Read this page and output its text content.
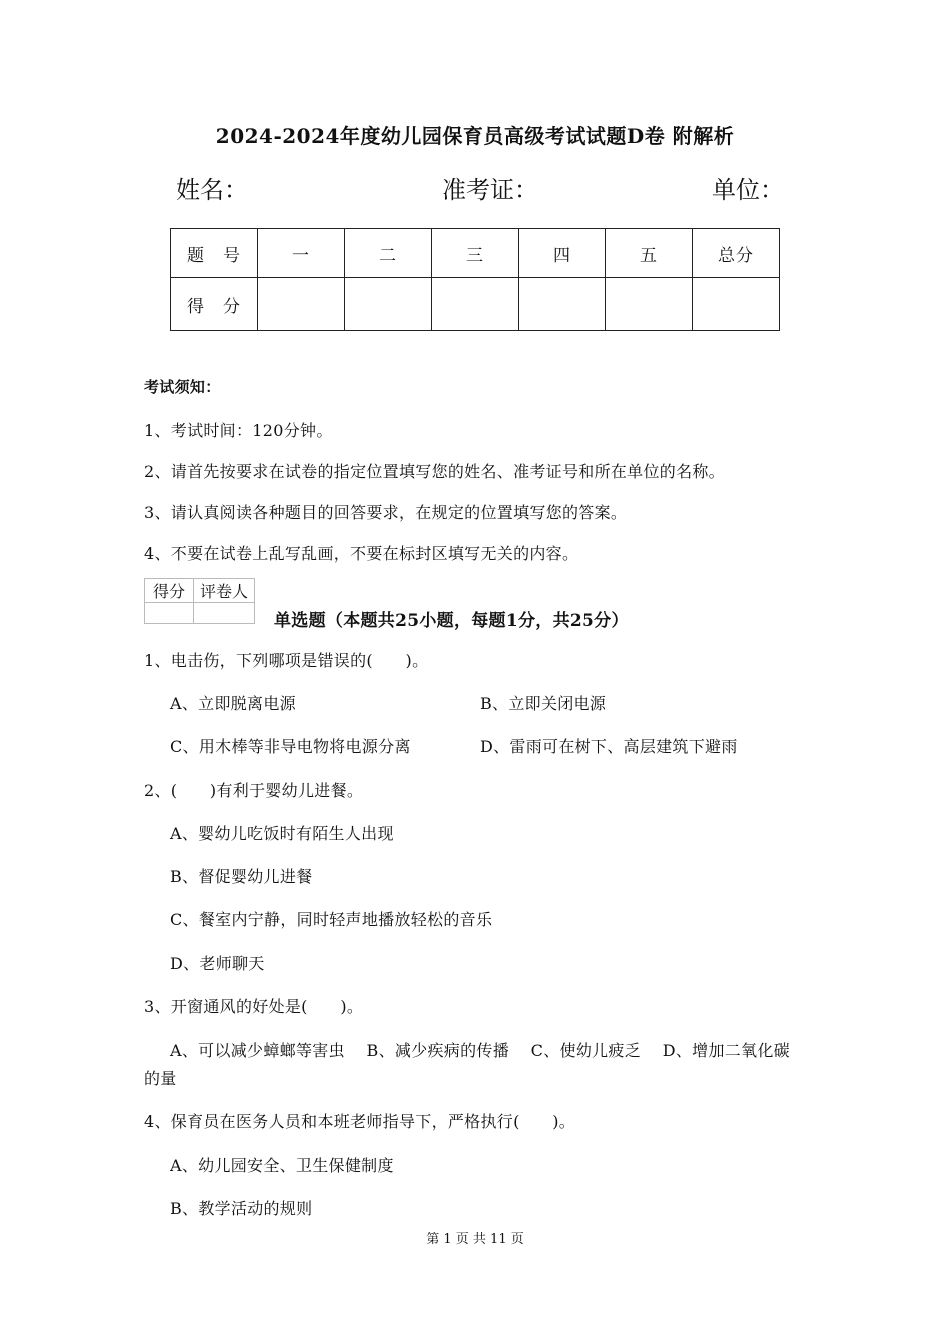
2024-2024年度幼儿园保育员高级考试试题D卷 附解析
姓名：	准考证：	单位：
题　号	一	二	三	四	五	总分
得　分						
考试须知：
1、考试时间：120分钟。
2、请首先按要求在试卷的指定位置填写您的姓名、准考证号和所在单位的名称。
3、请认真阅读各种题目的回答要求，在规定的位置填写您的答案。
4、不要在试卷上乱写乱画，不要在标封区填写无关的内容。
得分	评卷人

单选题（本题共25小题，每题1分，共25分）
1、电击伤，下列哪项是错误的(　　)。
A、立即脱离电源	B、立即关闭电源
C、用木棒等非导电物将电源分离	D、雷雨可在树下、高层建筑下避雨
2、(　　)有利于婴幼儿进餐。
A、婴幼儿吃饭时有陌生人出现
B、督促婴幼儿进餐
C、餐室内宁静，同时轻声地播放轻松的音乐
D、老师聊天
3、开窗通风的好处是(　　)。
A、可以减少蟑螂等害虫　 B、减少疾病的传播　 C、使幼儿疲乏　 D、增加二氧化碳
的量
4、保育员在医务人员和本班老师指导下，严格执行(　　)。
A、幼儿园安全、卫生保健制度
B、教学活动的规则
第 1 页 共 11 页
